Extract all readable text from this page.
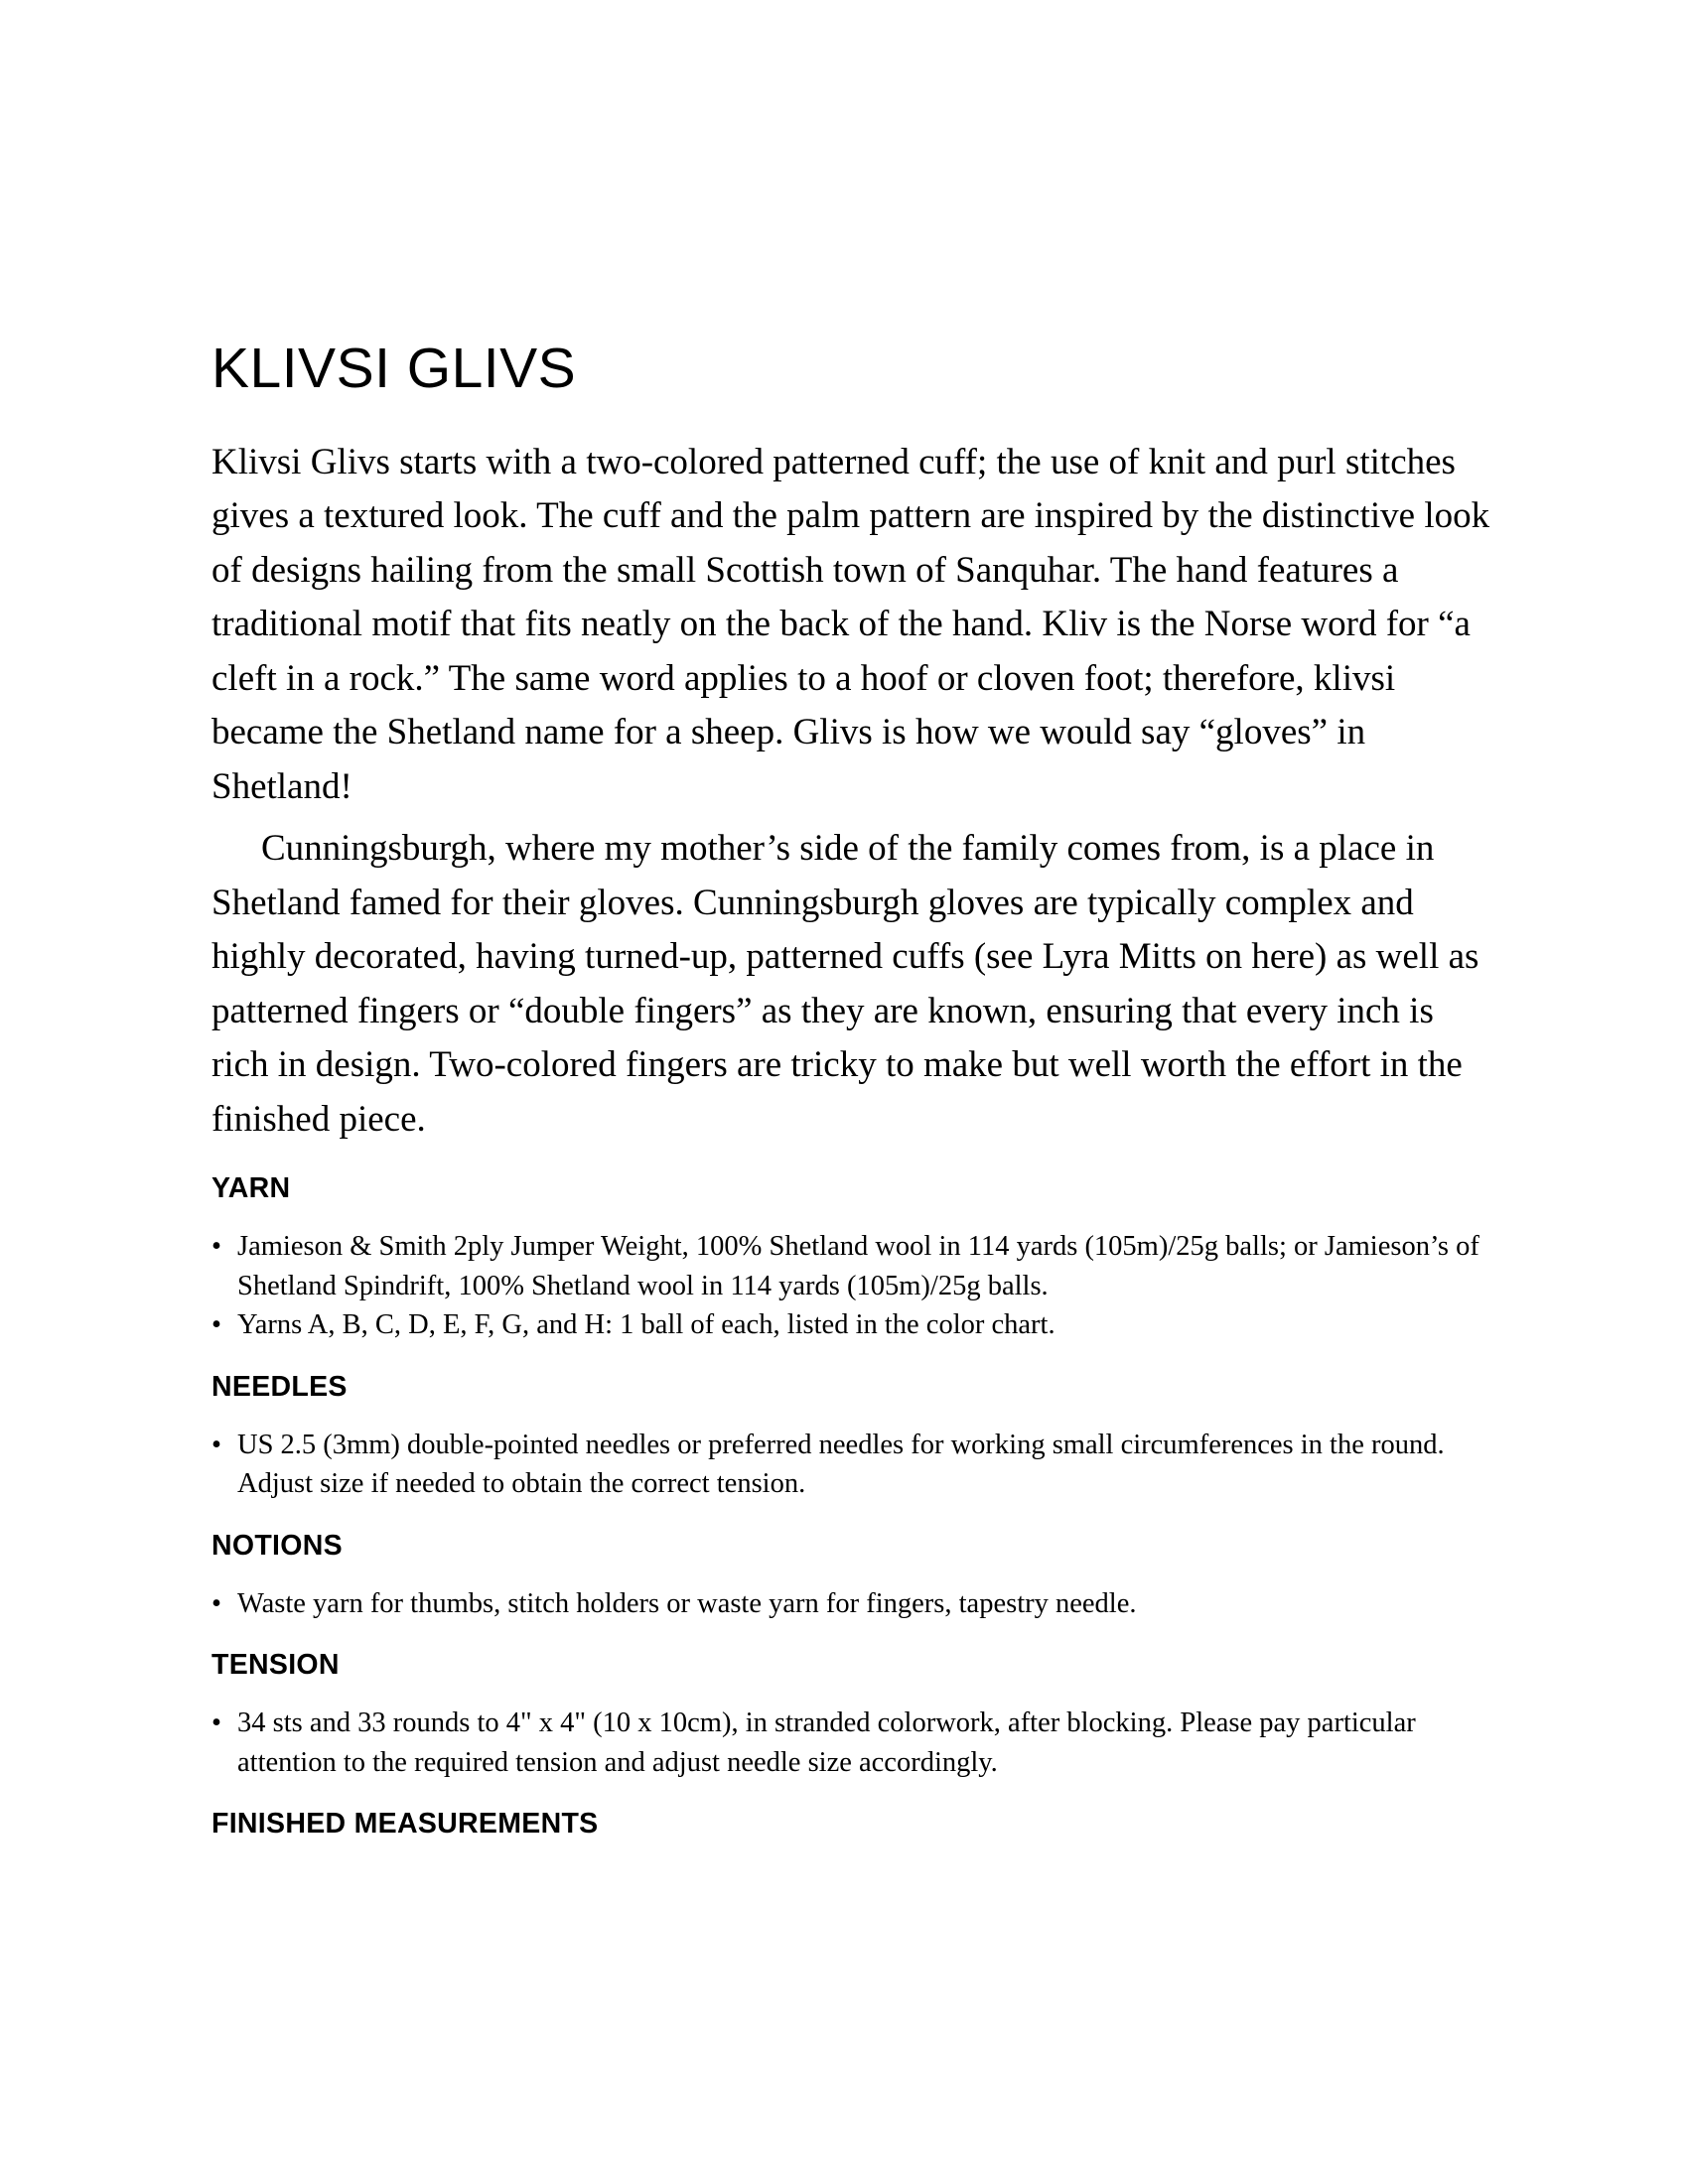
KLIVSI GLIVS

Klivsi Glivs starts with a two-colored patterned cuff; the use of knit and purl stitches gives a textured look. The cuff and the palm pattern are inspired by the distinctive look of designs hailing from the small Scottish town of Sanquhar. The hand features a traditional motif that fits neatly on the back of the hand. Kliv is the Norse word for “a cleft in a rock.” The same word applies to a hoof or cloven foot; therefore, klivsi became the Shetland name for a sheep. Glivs is how we would say “gloves” in Shetland!

Cunningsburgh, where my mother’s side of the family comes from, is a place in Shetland famed for their gloves. Cunningsburgh gloves are typically complex and highly decorated, having turned-up, patterned cuffs (see Lyra Mitts on here) as well as patterned fingers or “double fingers” as they are known, ensuring that every inch is rich in design. Two-colored fingers are tricky to make but well worth the effort in the finished piece.

YARN
• Jamieson & Smith 2ply Jumper Weight, 100% Shetland wool in 114 yards (105m)/25g balls; or Jamieson’s of Shetland Spindrift, 100% Shetland wool in 114 yards (105m)/25g balls.
• Yarns A, B, C, D, E, F, G, and H: 1 ball of each, listed in the color chart.
NEEDLES
• US 2.5 (3mm) double-pointed needles or preferred needles for working small circumferences in the round. Adjust size if needed to obtain the correct tension.
NOTIONS
• Waste yarn for thumbs, stitch holders or waste yarn for fingers, tapestry needle.
TENSION
• 34 sts and 33 rounds to 4" x 4" (10 x 10cm), in stranded colorwork, after blocking. Please pay particular attention to the required tension and adjust needle size accordingly.
FINISHED MEASUREMENTS
